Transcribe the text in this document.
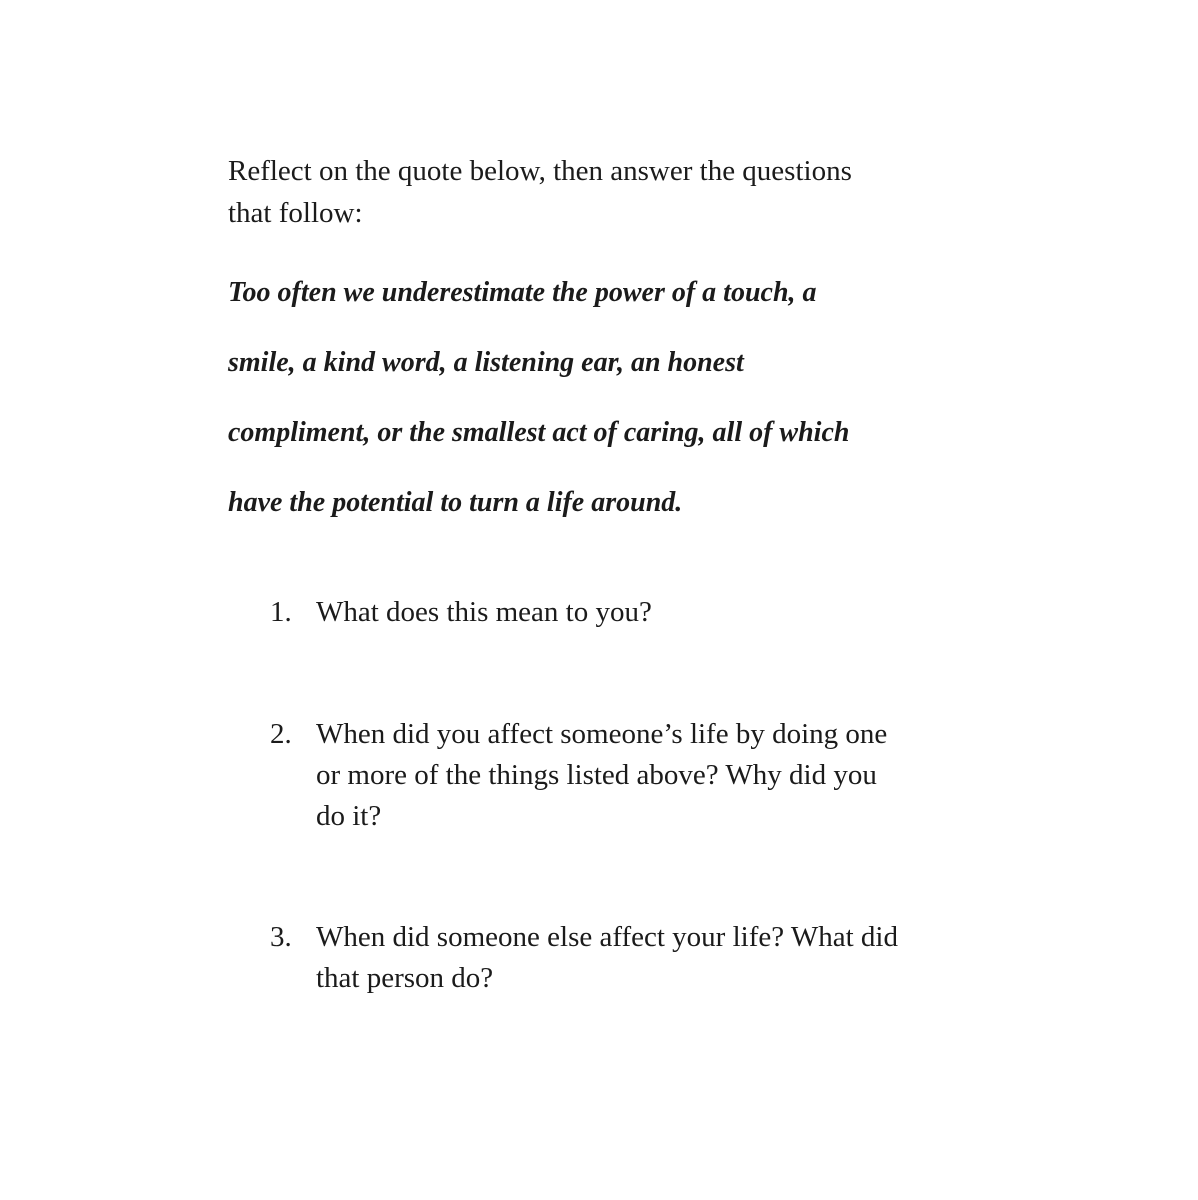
Reflect on the quote below, then answer the questions that follow:

Too often we underestimate the power of a touch, a
smile, a kind word, a listening ear, an honest
compliment, or the smallest act of caring, all of which
have the potential to turn a life around.
1. What does this mean to you?
2. When did you affect someone’s life by doing one or more of the things listed above? Why did you do it?
3. When did someone else affect your life? What did that person do?
